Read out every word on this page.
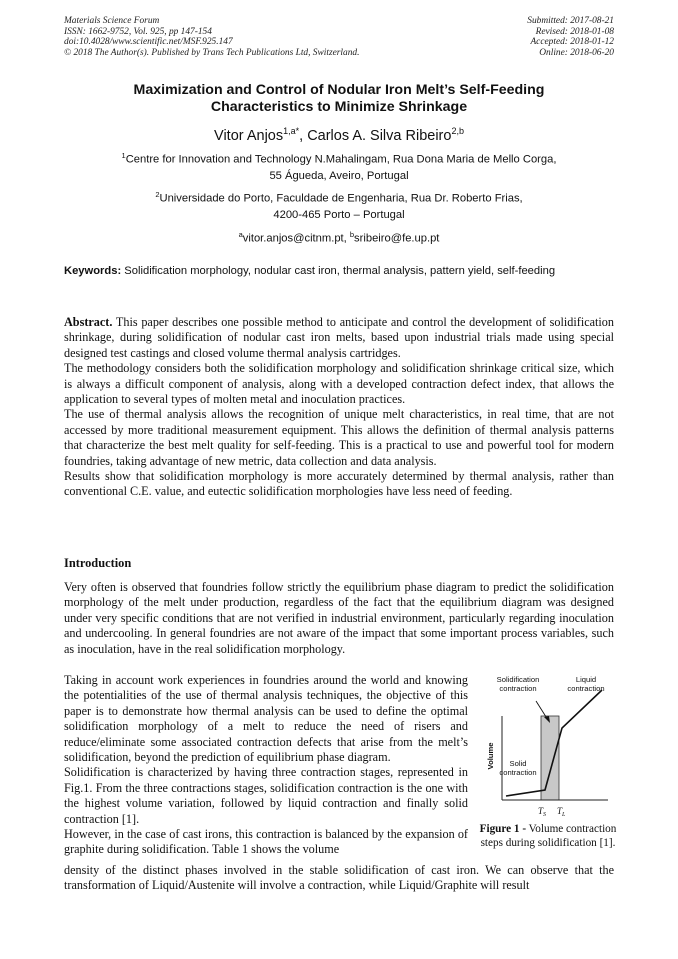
Materials Science Forum
ISSN: 1662-9752, Vol. 925, pp 147-154
doi:10.4028/www.scientific.net/MSF.925.147
© 2018 The Author(s). Published by Trans Tech Publications Ltd, Switzerland.
Submitted: 2017-08-21
Revised: 2018-01-08
Accepted: 2018-01-12
Online: 2018-06-20
Maximization and Control of Nodular Iron Melt’s Self-Feeding
Characteristics to Minimize Shrinkage
Vitor Anjos$^{1,a*}$, Carlos A. Silva Ribeiro$^{2,b}$
$^1$Centre for Innovation and Technology N.Mahalingam, Rua Dona Maria de Mello Corga,
55 Águeda, Aveiro, Portugal
$^2$Universidade do Porto, Faculdade de Engenharia, Rua Dr. Roberto Frias,
4200-465 Porto – Portugal
$^a$vitor.anjos@citnm.pt, $^b$sribeiro@fe.up.pt
Keywords: Solidification morphology, nodular cast iron, thermal analysis, pattern yield, self-feeding

Abstract. This paper describes one possible method to anticipate and control the development of solidification shrinkage, during solidification of nodular cast iron melts, based upon industrial trials made using special designed test castings and closed volume thermal analysis cartridges.

The methodology considers both the solidification morphology and solidification shrinkage critical size, which is always a difficult component of analysis, along with a developed contraction defect index, that allows the application to several types of molten metal and inoculation practices.

The use of thermal analysis allows the recognition of unique melt characteristics, in real time, that are not accessed by more traditional measurement equipment. This allows the definition of thermal analysis patterns that characterize the best melt quality for self-feeding. This is a practical to use and powerful tool for modern foundries, taking advantage of new metric, data collection and data analysis.

Results show that solidification morphology is more accurately determined by thermal analysis, rather than conventional C.E. value, and eutectic solidification morphologies have less need of feeding.

Introduction

Very often is observed that foundries follow strictly the equilibrium phase diagram to predict the solidification morphology of the melt under production, regardless of the fact that the equilibrium diagram was designed under very specific conditions that are not verified in industrial environment, particularly regarding inoculation and undercooling. In general foundries are not aware of the impact that some important process variables, such as inoculation, have in the real solidification morphology.

Taking in account work experiences in foundries around the world and knowing the potentialities of the use of thermal analysis techniques, the objective of this paper is to demonstrate how thermal analysis can be used to define the optimal solidification morphology of a melt to reduce the need of risers and reduce/eliminate some associated contraction defects that arise from the melt’s solidification, beyond the prediction of equilibrium phase diagram.

Solidification is characterized by having three contraction stages, represented in Fig.1. From the three contractions stages, solidification contraction is the one with the highest volume variation, followed by liquid contraction and finally solid contraction [1].

However, in the case of cast irons, this contraction is balanced by the expansion of graphite during solidification. Table 1 shows the volume

density of the distinct phases involved in the stable solidification of cast iron. We can observe that the transformation of Liquid/Austenite will involve a contraction, while Liquid/Graphite will result

Solidification
contraction
Liquid
contraction
Solid
contraction
Volume
$T_S$ $T_L$
Figure 1 - Volume contraction steps during solidification [1].
